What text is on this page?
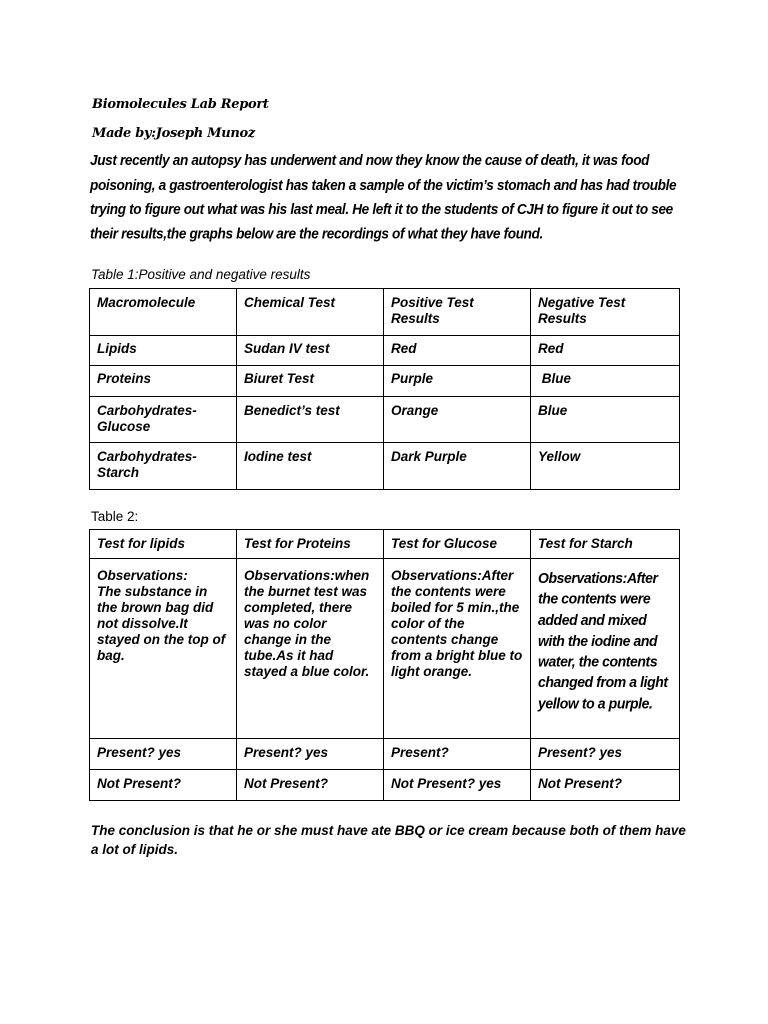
Biomolecules Lab Report
Made by:Joseph Munoz
Just recently an autopsy has underwent and now they know the cause of death, it was food poisoning, a gastroenterologist has taken a sample of the victim’s stomach and has had trouble trying to figure out what was his last meal. He left it to the students of CJH to figure it out to see their results,the graphs below are the recordings of what they have found.
Table 1:Positive and negative results
Macromolecule	Chemical Test	Positive Test Results	Negative Test Results

Lipids	Sudan IV test	Red	Red

Proteins	Biuret Test	Purple	Blue

Carbohydrates-
Glucose	Benedict’s test	Orange	Blue

Carbohydrates-
Starch	Iodine test	Dark Purple	Yellow
Table 2:
Test for lipids	Test for Proteins	Test for Glucose	Test for Starch

Observations:
The substance in the brown bag did not dissolve.It stayed on the top of bag.	Observations:when the burnet test was completed, there was no color change in the tube.As it had stayed a blue color.	Observations:After the contents were boiled for 5 min.,the color of the contents change from a bright blue to light orange.	Observations:After the contents were added and mixed with the iodine and water, the contents changed from a light yellow to a purple.

Present? yes	Present? yes	Present?	Present? yes

Not Present?	Not Present?	Not Present? yes	Not Present?
The conclusion is that he or she must have ate BBQ or ice cream because both of them have a lot of lipids.
